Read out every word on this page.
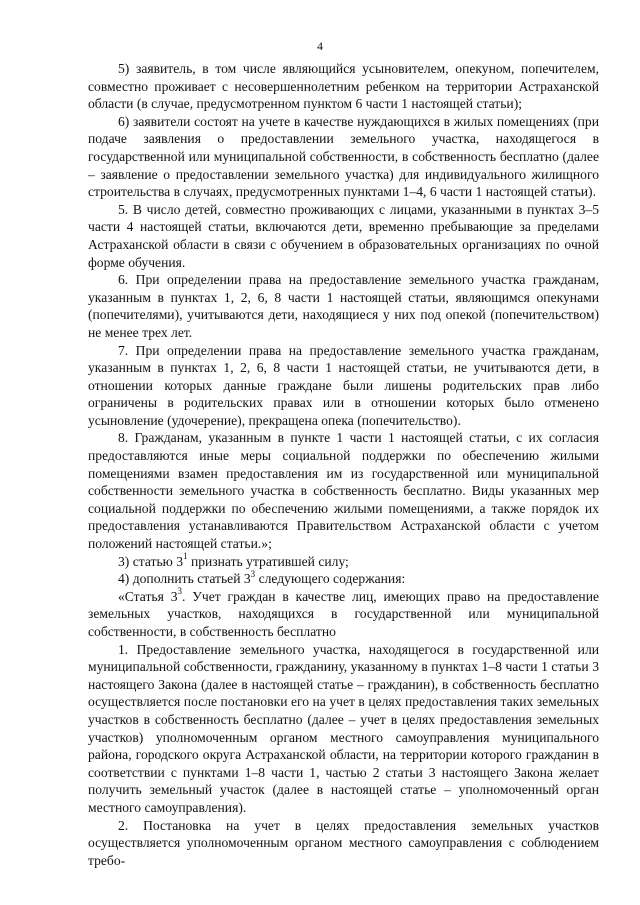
4

5) заявитель, в том числе являющийся усыновителем, опекуном, попечителем, совместно проживает с несовершеннолетним ребенком на территории Астраханской области (в случае, предусмотренном пунктом 6 части 1 настоящей статьи);

6) заявители состоят на учете в качестве нуждающихся в жилых помещениях (при подаче заявления о предоставлении земельного участка, находящегося в государственной или муниципальной собственности, в собственность бесплатно (далее – заявление о предоставлении земельного участка) для индивидуального жилищного строительства в случаях, предусмотренных пунктами 1–4, 6 части 1 настоящей статьи).

5. В число детей, совместно проживающих с лицами, указанными в пунктах 3–5 части 4 настоящей статьи, включаются дети, временно пребывающие за пределами Астраханской области в связи с обучением в образовательных организациях по очной форме обучения.

6. При определении права на предоставление земельного участка гражданам, указанным в пунктах 1, 2, 6, 8 части 1 настоящей статьи, являющимся опекунами (попечителями), учитываются дети, находящиеся у них под опекой (попечительством) не менее трех лет.

7. При определении права на предоставление земельного участка гражданам, указанным в пунктах 1, 2, 6, 8 части 1 настоящей статьи, не учитываются дети, в отношении которых данные граждане были лишены родительских прав либо ограничены в родительских правах или в отношении которых было отменено усыновление (удочерение), прекращена опека (попечительство).

8. Гражданам, указанным в пункте 1 части 1 настоящей статьи, с их согласия предоставляются иные меры социальной поддержки по обеспечению жилыми помещениями взамен предоставления им из государственной или муниципальной собственности земельного участка в собственность бесплатно. Виды указанных мер социальной поддержки по обеспечению жилыми помещениями, а также порядок их предоставления устанавливаются Правительством Астраханской области с учетом положений настоящей статьи.»;

3) статью $3^1$ признать утратившей силу;

4) дополнить статьей $3^3$ следующего содержания:

«Статья $3^3$. Учет граждан в качестве лиц, имеющих право на предоставление земельных участков, находящихся в государственной или муниципальной собственности, в собственность бесплатно

1. Предоставление земельного участка, находящегося в государственной или муниципальной собственности, гражданину, указанному в пунктах 1–8 части 1 статьи 3 настоящего Закона (далее в настоящей статье – гражданин), в собственность бесплатно осуществляется после постановки его на учет в целях предоставления таких земельных участков в собственность бесплатно (далее – учет в целях предоставления земельных участков) уполномоченным органом местного самоуправления муниципального района, городского округа Астраханской области, на территории которого гражданин в соответствии с пунктами 1–8 части 1, частью 2 статьи 3 настоящего Закона желает получить земельный участок (далее в настоящей статье – уполномоченный орган местного самоуправления).

2. Постановка на учет в целях предоставления земельных участков осуществляется уполномоченным органом местного самоуправления с соблюдением требо-
